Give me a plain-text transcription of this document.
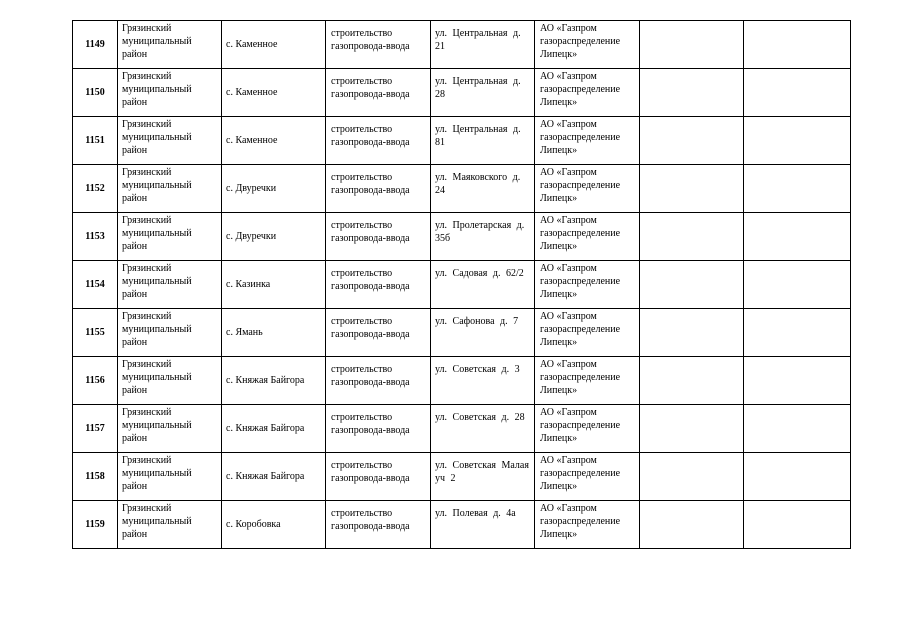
1149	Грязинский муниципальный район	с. Каменное	строительство газопровода-ввода	ул. Центральная д. 21	АО «Газпром газораспределение Липецк»		
1150	Грязинский муниципальный район	с. Каменное	строительство газопровода-ввода	ул. Центральная д. 28	АО «Газпром газораспределение Липецк»		
1151	Грязинский муниципальный район	с. Каменное	строительство газопровода-ввода	ул. Центральная д. 81	АО «Газпром газораспределение Липецк»		
1152	Грязинский муниципальный район	с. Двуречки	строительство газопровода-ввода	ул. Маяковского д. 24	АО «Газпром газораспределение Липецк»		
1153	Грязинский муниципальный район	с. Двуречки	строительство газопровода-ввода	ул. Пролетарская д. 35б	АО «Газпром газораспределение Липецк»		
1154	Грязинский муниципальный район	с. Казинка	строительство газопровода-ввода	ул. Садовая д. 62/2	АО «Газпром газораспределение Липецк»		
1155	Грязинский муниципальный район	с. Ямань	строительство газопровода-ввода	ул. Сафонова д. 7	АО «Газпром газораспределение Липецк»		
1156	Грязинский муниципальный район	с. Княжая Байгора	строительство газопровода-ввода	ул. Советская д. 3	АО «Газпром газораспределение Липецк»		
1157	Грязинский муниципальный район	с. Княжая Байгора	строительство газопровода-ввода	ул. Советская д. 28	АО «Газпром газораспределение Липецк»		
1158	Грязинский муниципальный район	с. Княжая Байгора	строительство газопровода-ввода	ул. Советская Малая уч 2	АО «Газпром газораспределение Липецк»		
1159	Грязинский муниципальный район	с. Коробовка	строительство газопровода-ввода	ул. Полевая д. 4а	АО «Газпром газораспределение Липецк»		
